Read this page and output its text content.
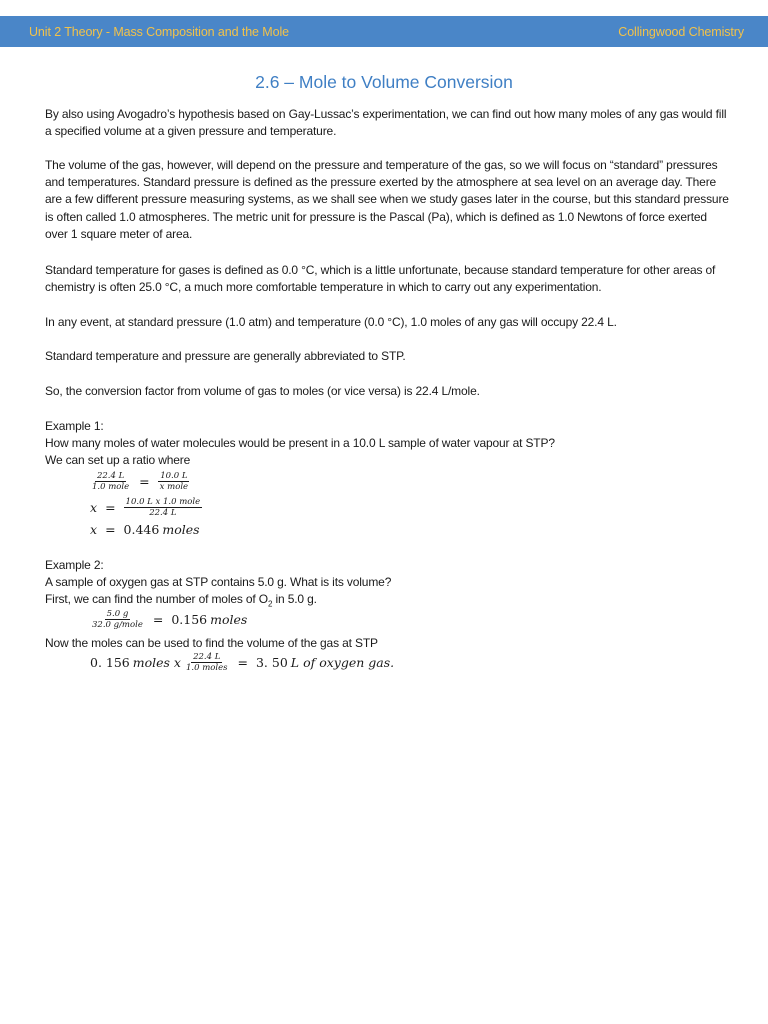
Unit 2 Theory - Mass Composition and the Mole	Collingwood Chemistry
2.6 – Mole to Volume Conversion

By also using Avogadro’s hypothesis based on Gay-Lussac’s experimentation, we can find out how many moles of any gas would fill a specified volume at a given pressure and temperature.

The volume of the gas, however, will depend on the pressure and temperature of the gas, so we will focus on “standard” pressures and temperatures. Standard pressure is defined as the pressure exerted by the atmosphere at sea level on an average day. There are a few different pressure measuring systems, as we shall see when we study gases later in the course, but this standard pressure is often called 1.0 atmospheres. The metric unit for pressure is the Pascal (Pa), which is defined as 1.0 Newtons of force exerted over 1 square meter of area.

Standard temperature for gases is defined as 0.0 °C, which is a little unfortunate, because standard temperature for other areas of chemistry is often 25.0 °C, a much more comfortable temperature in which to carry out any experimentation.

In any event, at standard pressure (1.0 atm) and temperature (0.0 °C), 1.0 moles of any gas will occupy 22.4 L.

Standard temperature and pressure are generally abbreviated to STP.

So, the conversion factor from volume of gas to moles (or vice versa) is 22.4 L/mole.

Example 1:

How many moles of water molecules would be present in a 10.0 L sample of water vapour at STP?

We can set up a ratio where

$\frac{22.4 L}{\text{1.0 mole}} = \frac{10.0 L}{\text{x mole}}$
$x = \frac{\text{10.0 L x 1.0 mole}}{22.4 L}$
x = 0.446 moles

Example 2:

A sample of oxygen gas at STP contains 5.0 g. What is its volume?

First, we can find the number of moles of $O_2$ in 5.0 g.

$\frac{5.0 g}{\text{32.0 g/mole}} = 0.156$ moles

Now the moles can be used to find the volume of the gas at STP

0. 156 moles x $\frac{22.4 L}{\text{1.0 moles}} = 3$. 50 L of oxygen gas.
